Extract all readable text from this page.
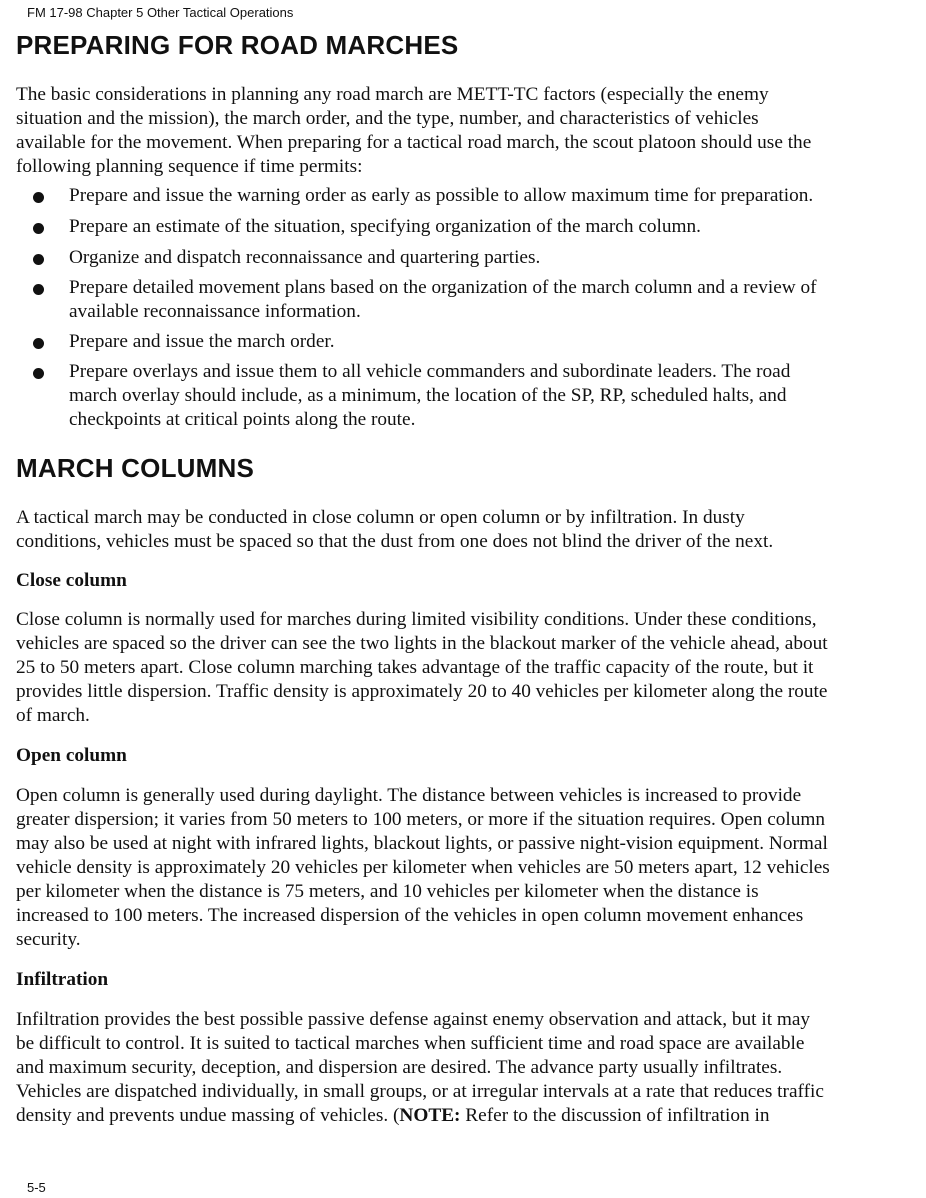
FM 17-98 Chapter 5 Other Tactical Operations
PREPARING FOR ROAD MARCHES
The basic considerations in planning any road march are METT-TC factors (especially the enemy
situation and the mission), the march order, and the type, number, and characteristics of vehicles
available for the movement. When preparing for a tactical road march, the scout platoon should use the
following planning sequence if time permits:
Prepare and issue the warning order as early as possible to allow maximum time for preparation.
Prepare an estimate of the situation, specifying organization of the march column.
Organize and dispatch reconnaissance and quartering parties.
Prepare detailed movement plans based on the organization of the march column and a review of
available reconnaissance information.
Prepare and issue the march order.
Prepare overlays and issue them to all vehicle commanders and subordinate leaders. The road
march overlay should include, as a minimum, the location of the SP, RP, scheduled halts, and
checkpoints at critical points along the route.
MARCH COLUMNS
A tactical march may be conducted in close column or open column or by infiltration. In dusty
conditions, vehicles must be spaced so that the dust from one does not blind the driver of the next.
Close column
Close column is normally used for marches during limited visibility conditions. Under these conditions,
vehicles are spaced so the driver can see the two lights in the blackout marker of the vehicle ahead, about
25 to 50 meters apart. Close column marching takes advantage of the traffic capacity of the route, but it
provides little dispersion. Traffic density is approximately 20 to 40 vehicles per kilometer along the route
of march.
Open column
Open column is generally used during daylight. The distance between vehicles is increased to provide
greater dispersion; it varies from 50 meters to 100 meters, or more if the situation requires. Open column
may also be used at night with infrared lights, blackout lights, or passive night-vision equipment. Normal
vehicle density is approximately 20 vehicles per kilometer when vehicles are 50 meters apart, 12 vehicles
per kilometer when the distance is 75 meters, and 10 vehicles per kilometer when the distance is
increased to 100 meters. The increased dispersion of the vehicles in open column movement enhances
security.
Infiltration
Infiltration provides the best possible passive defense against enemy observation and attack, but it may
be difficult to control. It is suited to tactical marches when sufficient time and road space are available
and maximum security, deception, and dispersion are desired. The advance party usually infiltrates.
Vehicles are dispatched individually, in small groups, or at irregular intervals at a rate that reduces traffic
density and prevents undue massing of vehicles. (NOTE: Refer to the discussion of infiltration in
5-5
